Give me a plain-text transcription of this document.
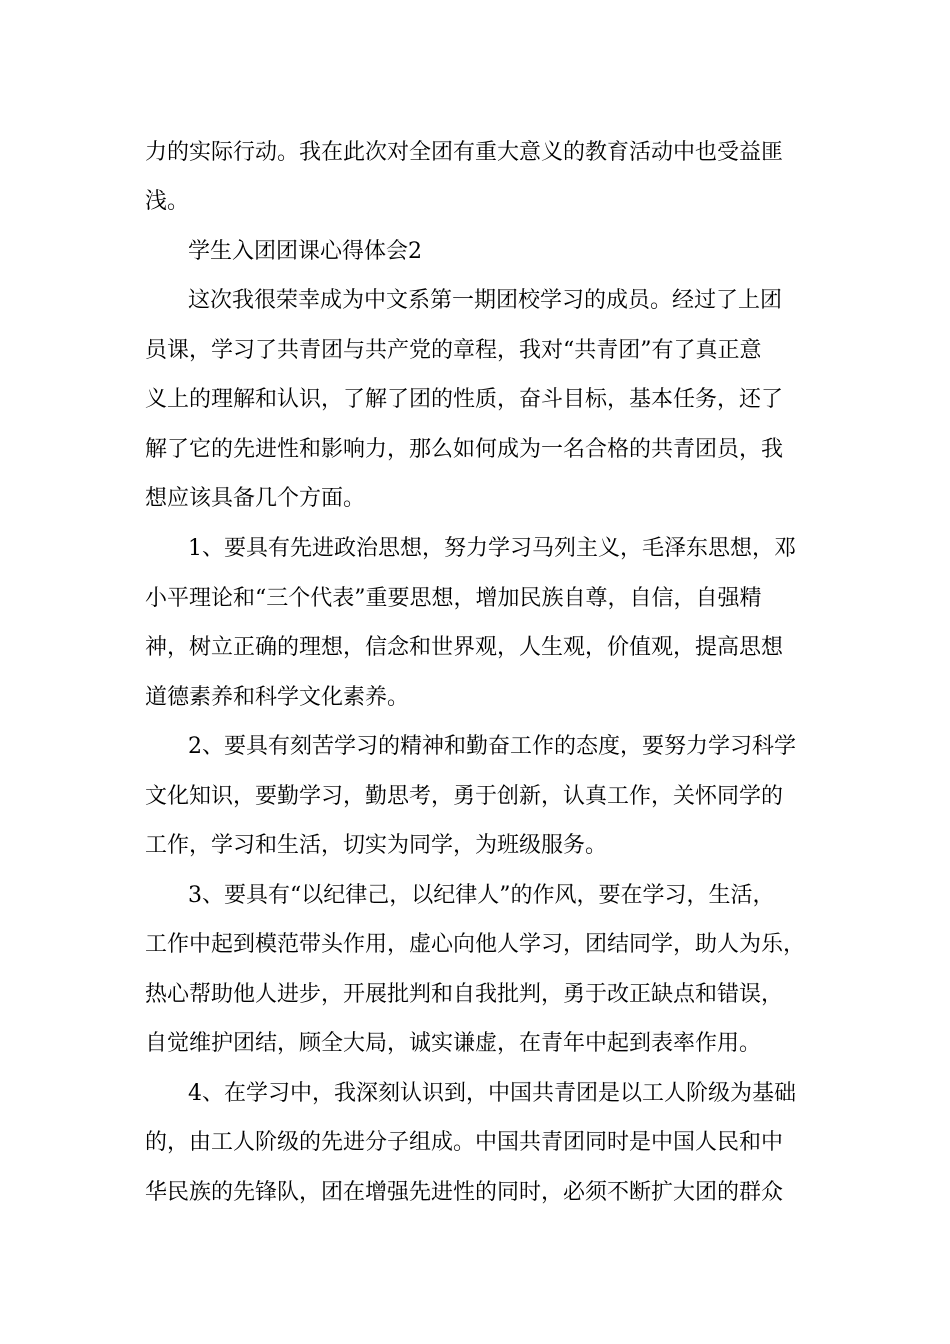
力的实际行动。我在此次对全团有重大意义的教育活动中也受益匪
浅。
学生入团团课心得体会2
这次我很荣幸成为中文系第一期团校学习的成员。经过了上团
员课，学习了共青团与共产党的章程，我对“共青团”有了真正意
义上的理解和认识，了解了团的性质，奋斗目标，基本任务，还了
解了它的先进性和影响力，那么如何成为一名合格的共青团员，我
想应该具备几个方面。
1、要具有先进政治思想，努力学习马列主义，毛泽东思想，邓
小平理论和“三个代表”重要思想，增加民族自尊，自信，自强精
神，树立正确的理想，信念和世界观，人生观，价值观，提高思想
道德素养和科学文化素养。
2、要具有刻苦学习的精神和勤奋工作的态度，要努力学习科学
文化知识，要勤学习，勤思考，勇于创新，认真工作，关怀同学的
工作，学习和生活，切实为同学，为班级服务。
3、要具有“以纪律己，以纪律人”的作风，要在学习，生活，
工作中起到模范带头作用，虚心向他人学习，团结同学，助人为乐，
热心帮助他人进步，开展批判和自我批判，勇于改正缺点和错误，
自觉维护团结，顾全大局，诚实谦虚，在青年中起到表率作用。
4、在学习中，我深刻认识到，中国共青团是以工人阶级为基础
的，由工人阶级的先进分子组成。中国共青团同时是中国人民和中
华民族的先锋队，团在增强先进性的同时，必须不断扩大团的群众
